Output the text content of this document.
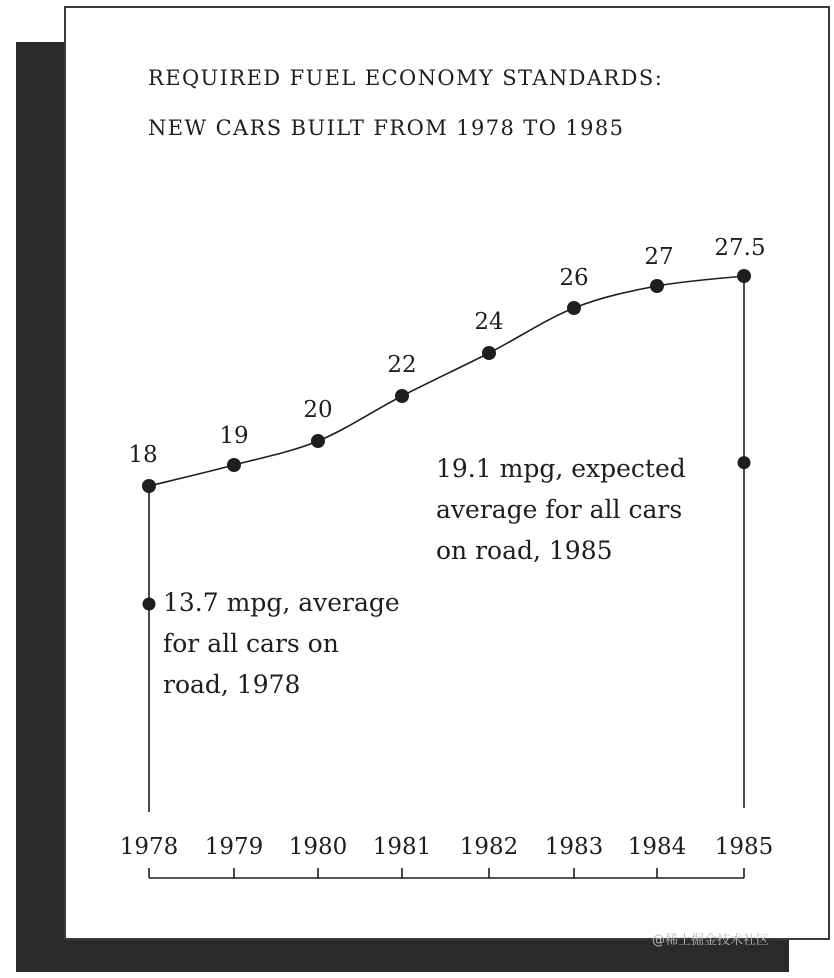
REQUIRED FUEL ECONOMY STANDARDS:
NEW CARS BUILT FROM 1978 TO 1985
1978 1979 1980 1981 1982 1983 1984 1985
18
19
20
22
24
26
27 27.5
13.7 mpg, average
for all cars on
road, 1978
19.1 mpg, expected
average for all cars
on road, 1985
@稀土掘金技术社区
